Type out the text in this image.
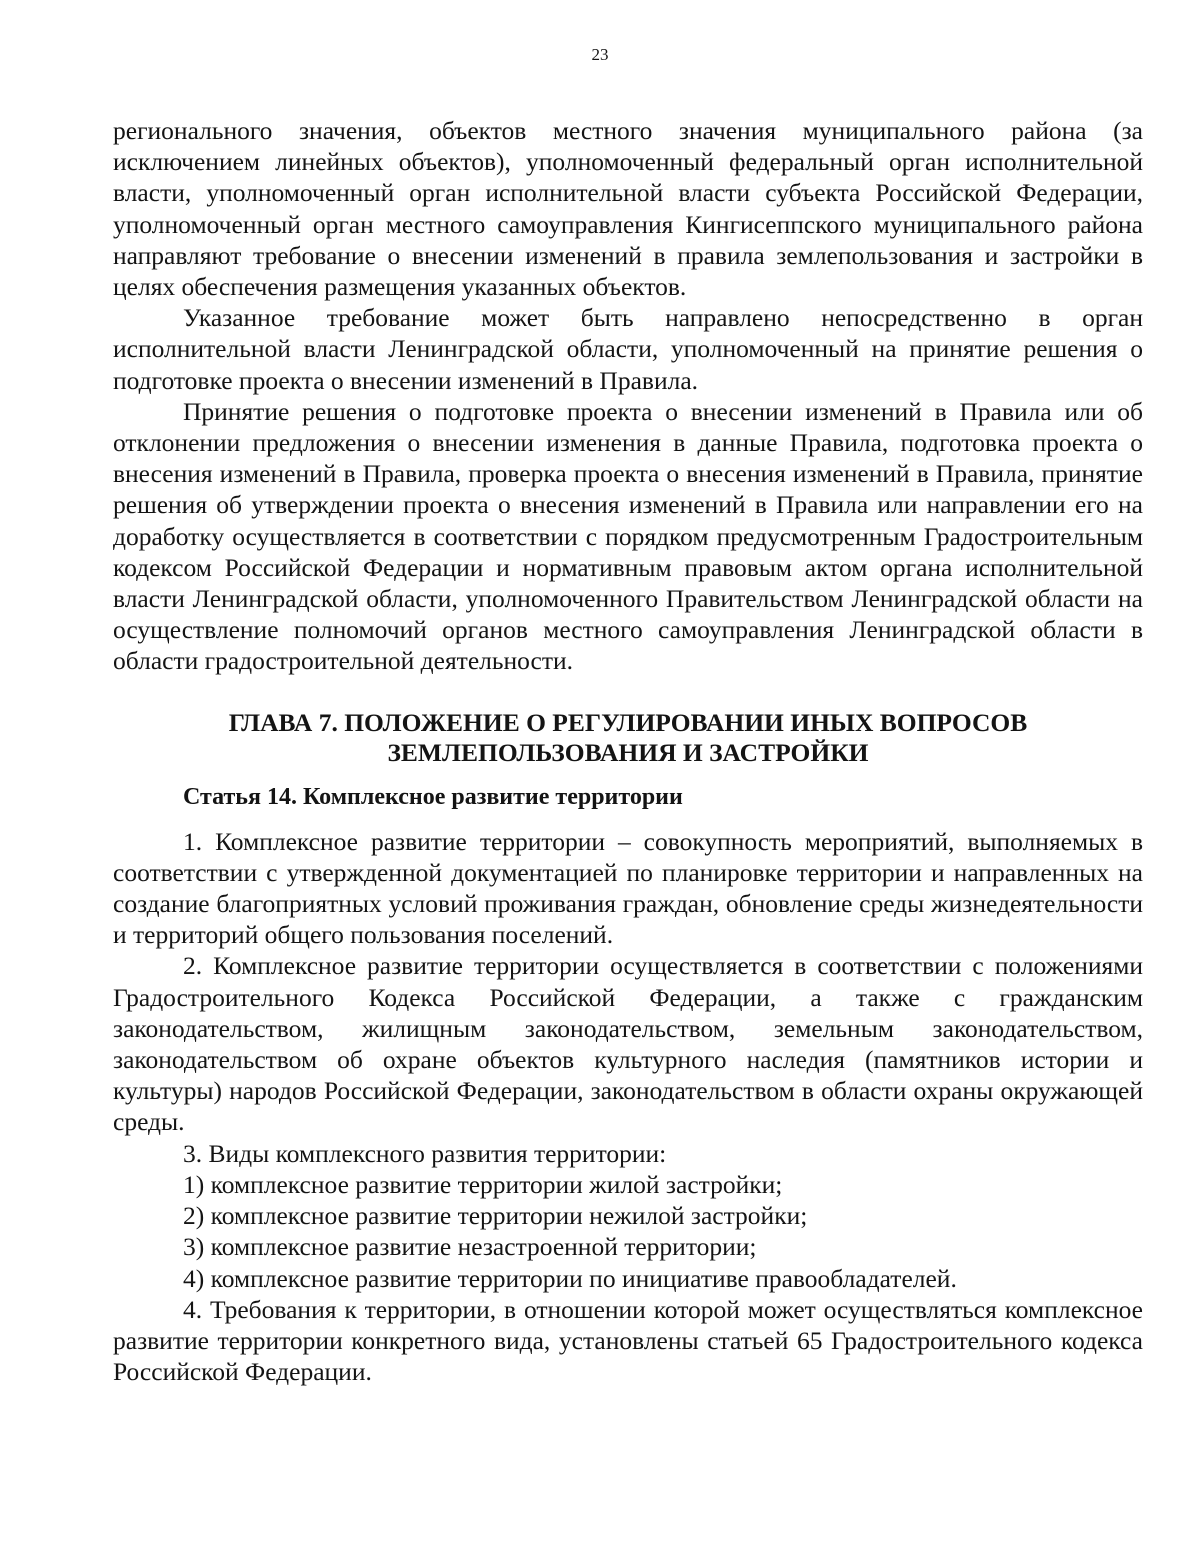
23

регионального значения, объектов местного значения муниципального района (за исключением линейных объектов), уполномоченный федеральный орган исполнительной власти, уполномоченный орган исполнительной власти субъекта Российской Федерации, уполномоченный орган местного самоуправления Кингисеппского муниципального района направляют требование о внесении изменений в правила землепользования и застройки в целях обеспечения размещения указанных объектов.

Указанное требование может быть направлено непосредственно в орган исполнительной власти Ленинградской области, уполномоченный на принятие решения о подготовке проекта о внесении изменений в Правила.

Принятие решения о подготовке проекта о внесении изменений в Правила или об отклонении предложения о внесении изменения в данные Правила, подготовка проекта о внесения изменений в Правила, проверка проекта о внесения изменений в Правила, принятие решения об утверждении проекта о внесения изменений в Правила или направлении его на доработку осуществляется в соответствии с порядком предусмотренным Градостроительным кодексом Российской Федерации и нормативным правовым актом органа исполнительной власти Ленинградской области, уполномоченного Правительством Ленинградской области на осуществление полномочий органов местного самоуправления Ленинградской области в области градостроительной деятельности.

ГЛАВА 7. ПОЛОЖЕНИЕ О РЕГУЛИРОВАНИИ ИНЫХ ВОПРОСОВ
ЗЕМЛЕПОЛЬЗОВАНИЯ И ЗАСТРОЙКИ
Статья 14. Комплексное развитие территории

1. Комплексное развитие территории – совокупность мероприятий, выполняемых в соответствии с утвержденной документацией по планировке территории и направленных на создание благоприятных условий проживания граждан, обновление среды жизнедеятельности и территорий общего пользования поселений.

2. Комплексное развитие территории осуществляется в соответствии с положениями Градостроительного Кодекса Российской Федерации, а также с гражданским законодательством, жилищным законодательством, земельным законодательством, законодательством об охране объектов культурного наследия (памятников истории и культуры) народов Российской Федерации, законодательством в области охраны окружающей среды.

3. Виды комплексного развития территории:

1) комплексное развитие территории жилой застройки;

2) комплексное развитие территории нежилой застройки;

3) комплексное развитие незастроенной территории;

4) комплексное развитие территории по инициативе правообладателей.

4. Требования к территории, в отношении которой может осуществляться комплексное развитие территории конкретного вида, установлены статьей 65 Градостроительного кодекса Российской Федерации.
